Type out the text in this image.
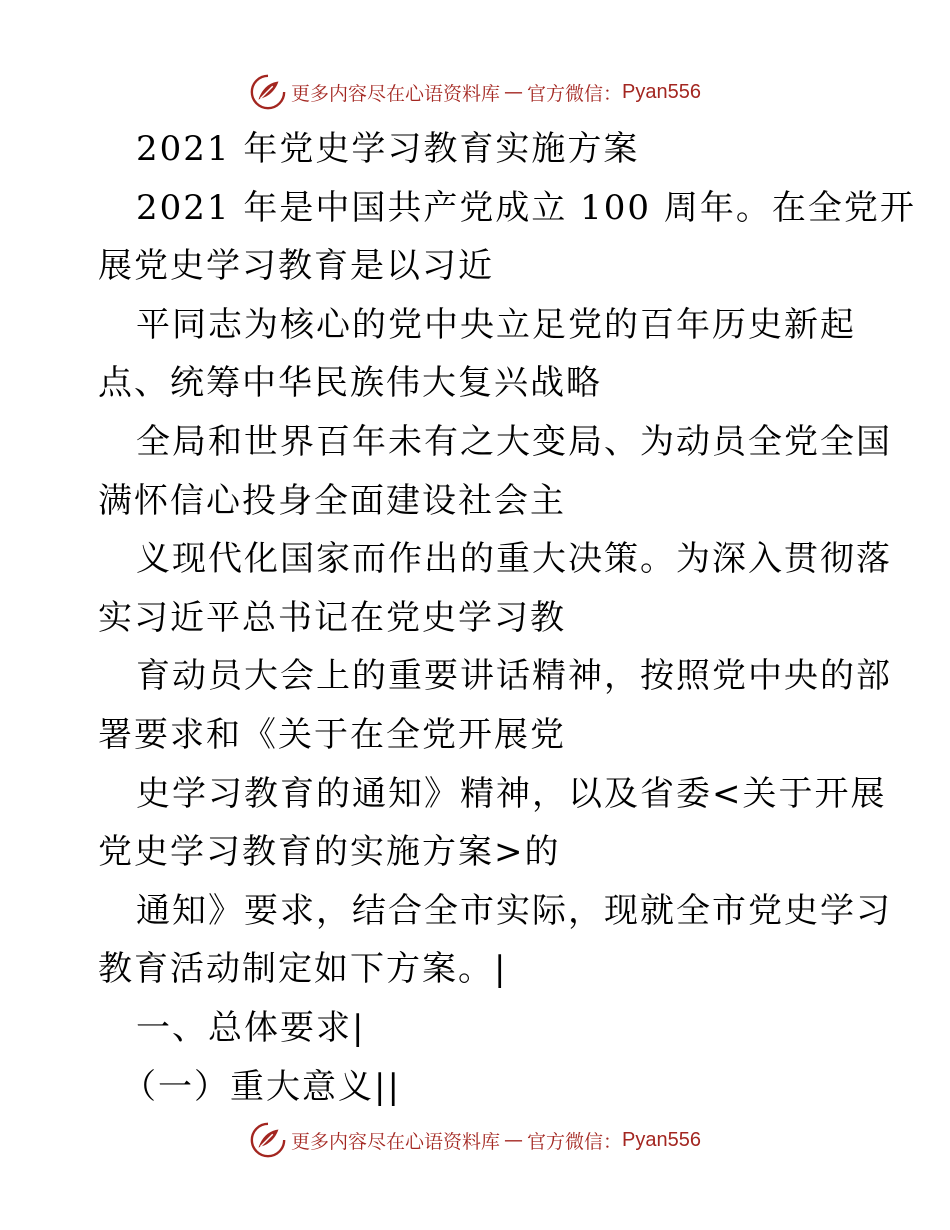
更多内容尽在心语资料库 — 官方微信： Pyan556
2021 年党史学习教育实施方案
2021 年是中国共产党成立 100 周年。在全党开
展党史学习教育是以习近
平同志为核心的党中央立足党的百年历史新起
点、统筹中华民族伟大复兴战略
全局和世界百年未有之大变局、为动员全党全国
满怀信心投身全面建设社会主
义现代化国家而作出的重大决策。为深入贯彻落
实习近平总书记在党史学习教
育动员大会上的重要讲话精神，按照党中央的部
署要求和《关于在全党开展党
史学习教育的通知》精神，以及省委<关于开展
党史学习教育的实施方案>的
通知》要求，结合全市实际，现就全市党史学习
教育活动制定如下方案。|
一、总体要求|
（一）重大意义||
更多内容尽在心语资料库 — 官方微信： Pyan556
